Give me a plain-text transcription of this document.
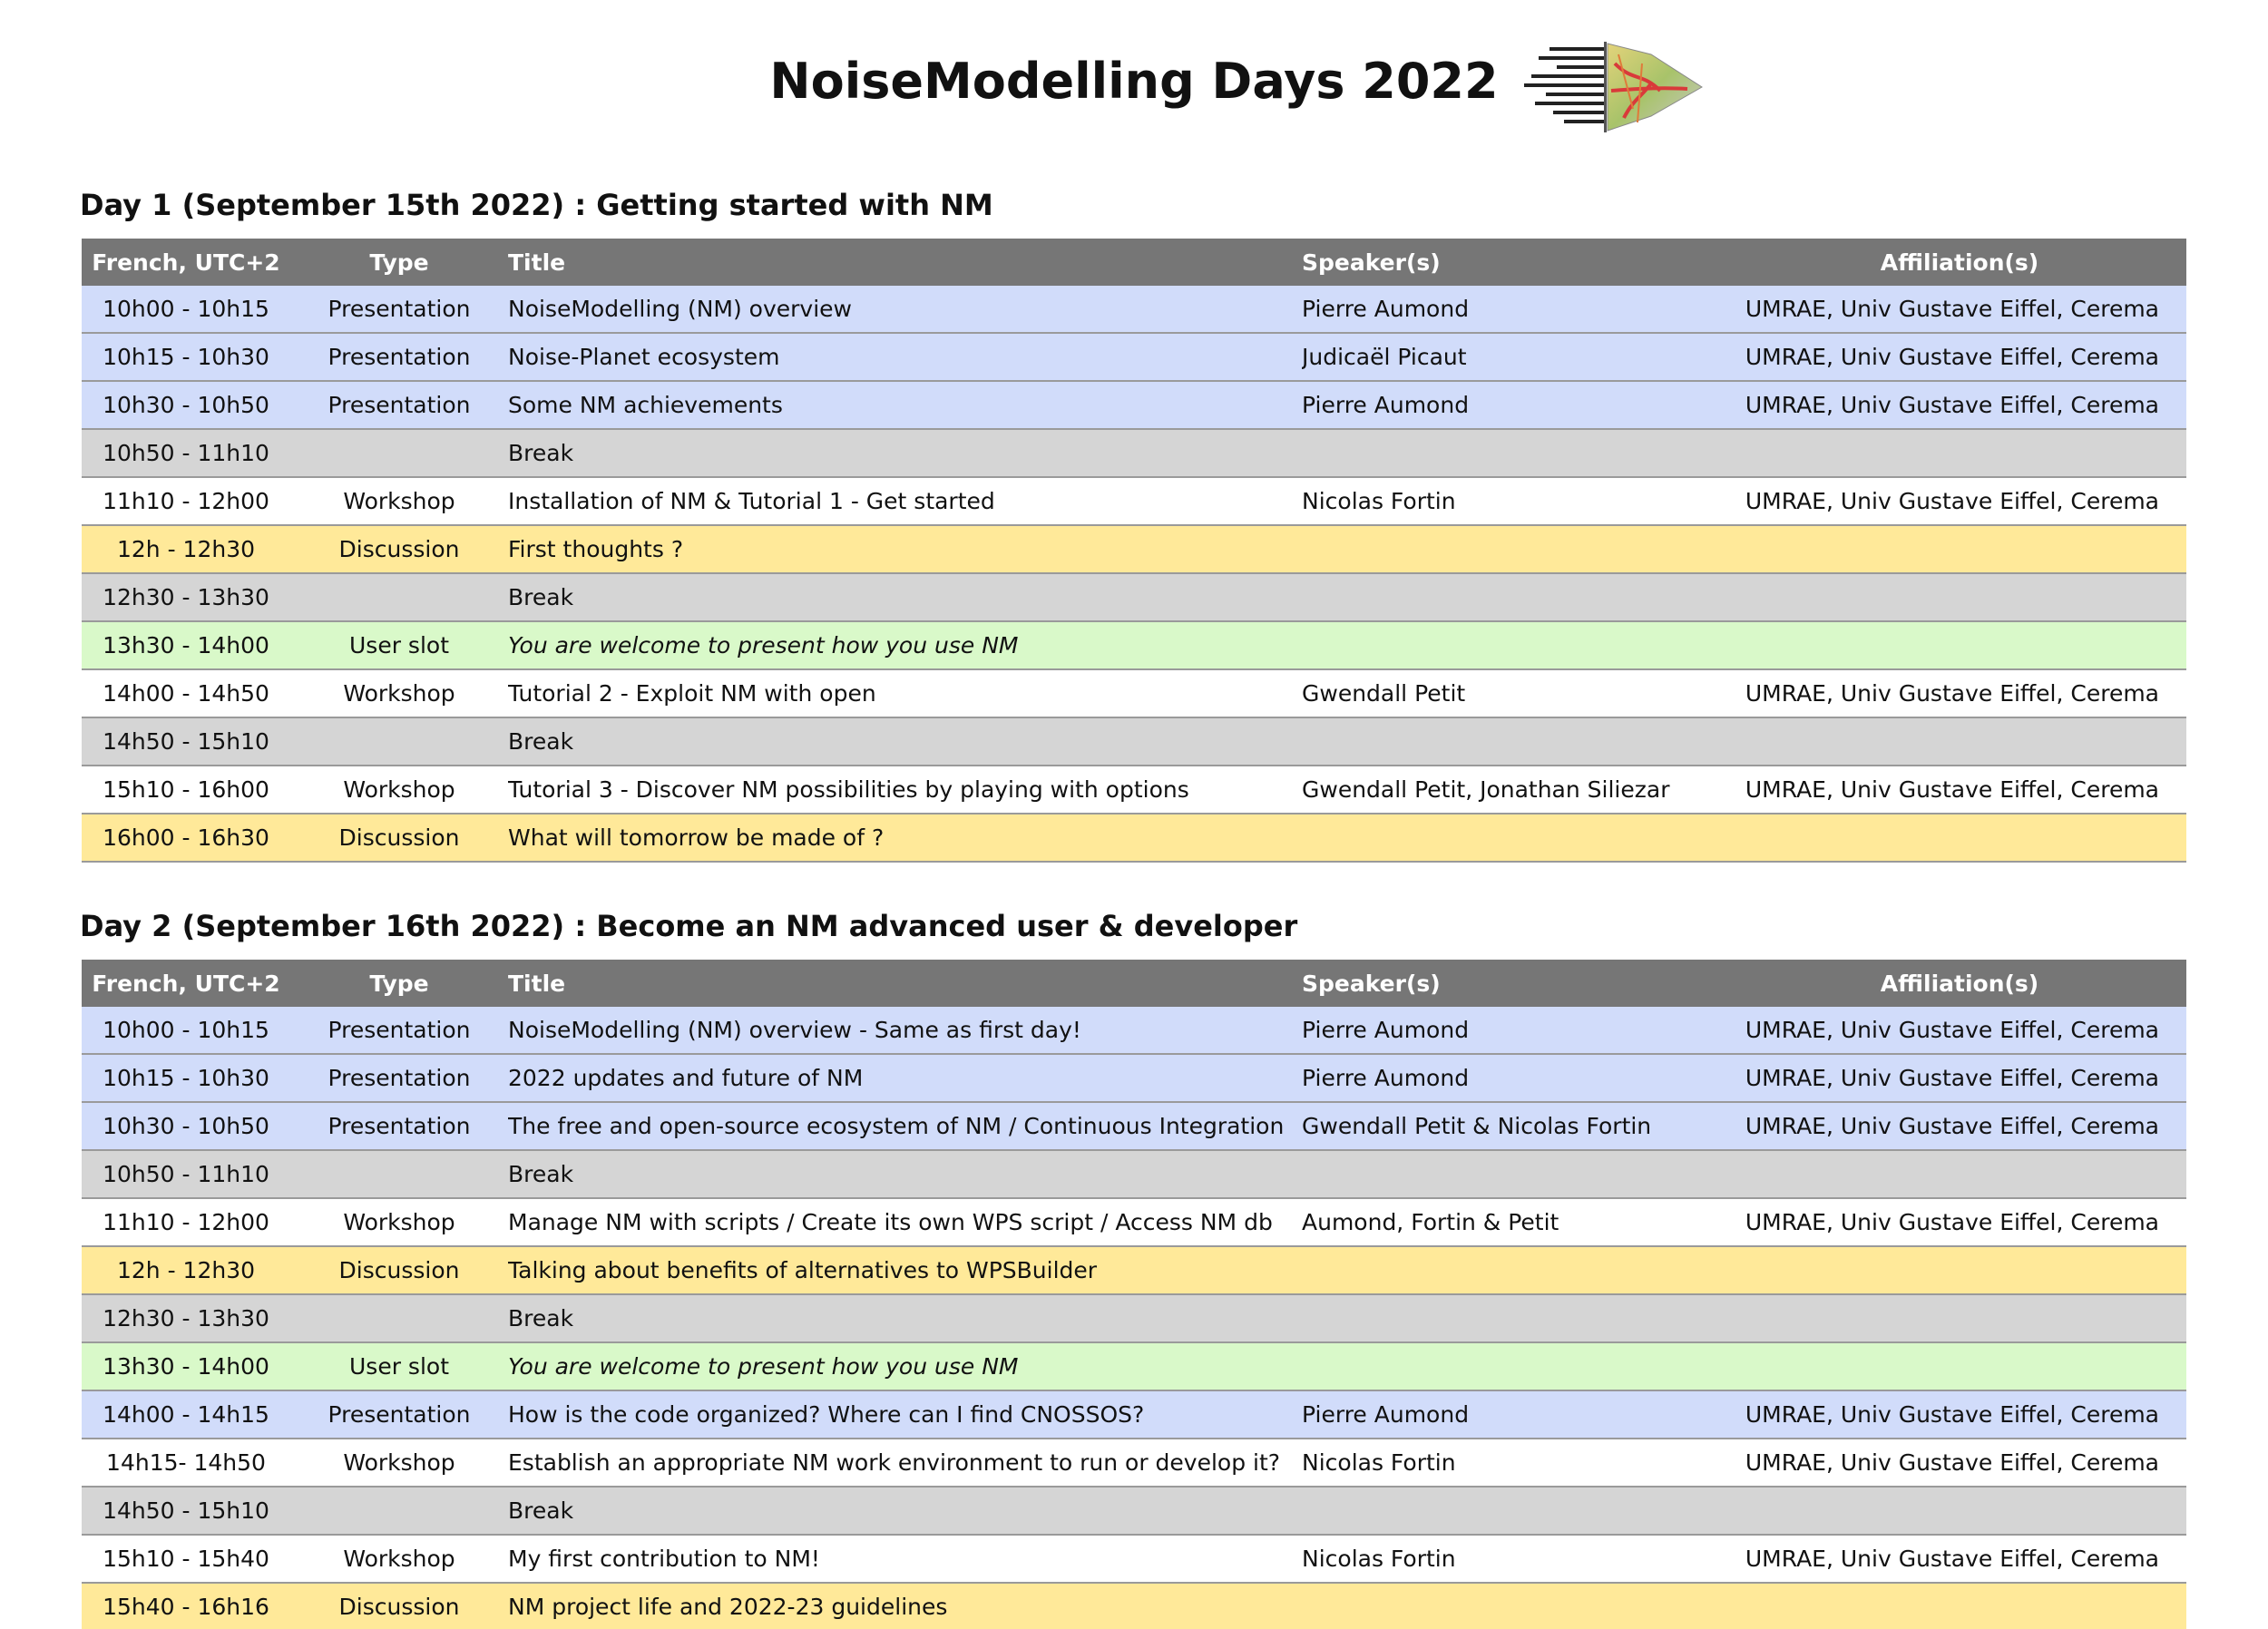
NoiseModelling Days 2022
Day 1 (September 15th 2022) : Getting started with NM
French, UTC+2	Type	Title	Speaker(s)	Affiliation(s)
10h00 - 10h15	Presentation	NoiseModelling (NM) overview	Pierre Aumond	UMRAE, Univ Gustave Eiffel, Cerema
10h15 - 10h30	Presentation	Noise-Planet ecosystem	Judicaël Picaut	UMRAE, Univ Gustave Eiffel, Cerema
10h30 - 10h50	Presentation	Some NM achievements	Pierre Aumond	UMRAE, Univ Gustave Eiffel, Cerema
10h50 - 11h10		Break		
11h10 - 12h00	Workshop	Installation of NM & Tutorial 1 - Get started	Nicolas Fortin	UMRAE, Univ Gustave Eiffel, Cerema
12h - 12h30	Discussion	First thoughts ?		
12h30 - 13h30		Break		
13h30 - 14h00	User slot	You are welcome to present how you use NM		
14h00 - 14h50	Workshop	Tutorial 2 - Exploit NM with open	Gwendall Petit	UMRAE, Univ Gustave Eiffel, Cerema
14h50 - 15h10		Break		
15h10 - 16h00	Workshop	Tutorial 3 - Discover NM possibilities by playing with options	Gwendall Petit, Jonathan Siliezar	UMRAE, Univ Gustave Eiffel, Cerema
16h00 - 16h30	Discussion	What will tomorrow be made of ?		
Day 2 (September 16th 2022) : Become an NM advanced user & developer
French, UTC+2	Type	Title	Speaker(s)	Affiliation(s)
10h00 - 10h15	Presentation	NoiseModelling (NM) overview - Same as first day!	Pierre Aumond	UMRAE, Univ Gustave Eiffel, Cerema
10h15 - 10h30	Presentation	2022 updates and future of NM	Pierre Aumond	UMRAE, Univ Gustave Eiffel, Cerema
10h30 - 10h50	Presentation	The free and open-source ecosystem of NM / Continuous Integration	Gwendall Petit & Nicolas Fortin	UMRAE, Univ Gustave Eiffel, Cerema
10h50 - 11h10		Break		
11h10 - 12h00	Workshop	Manage NM with scripts / Create its own WPS script / Access NM db	Aumond, Fortin & Petit	UMRAE, Univ Gustave Eiffel, Cerema
12h - 12h30	Discussion	Talking about benefits of alternatives to WPSBuilder		
12h30 - 13h30		Break		
13h30 - 14h00	User slot	You are welcome to present how you use NM		
14h00 - 14h15	Presentation	How is the code organized? Where can I find CNOSSOS?	Pierre Aumond	UMRAE, Univ Gustave Eiffel, Cerema
14h15- 14h50	Workshop	Establish an appropriate NM work environment to run or develop it?	Nicolas Fortin	UMRAE, Univ Gustave Eiffel, Cerema
14h50 - 15h10		Break		
15h10 - 15h40	Workshop	My first contribution to NM!	Nicolas Fortin	UMRAE, Univ Gustave Eiffel, Cerema
15h40 - 16h16	Discussion	NM project life and 2022-23 guidelines		
